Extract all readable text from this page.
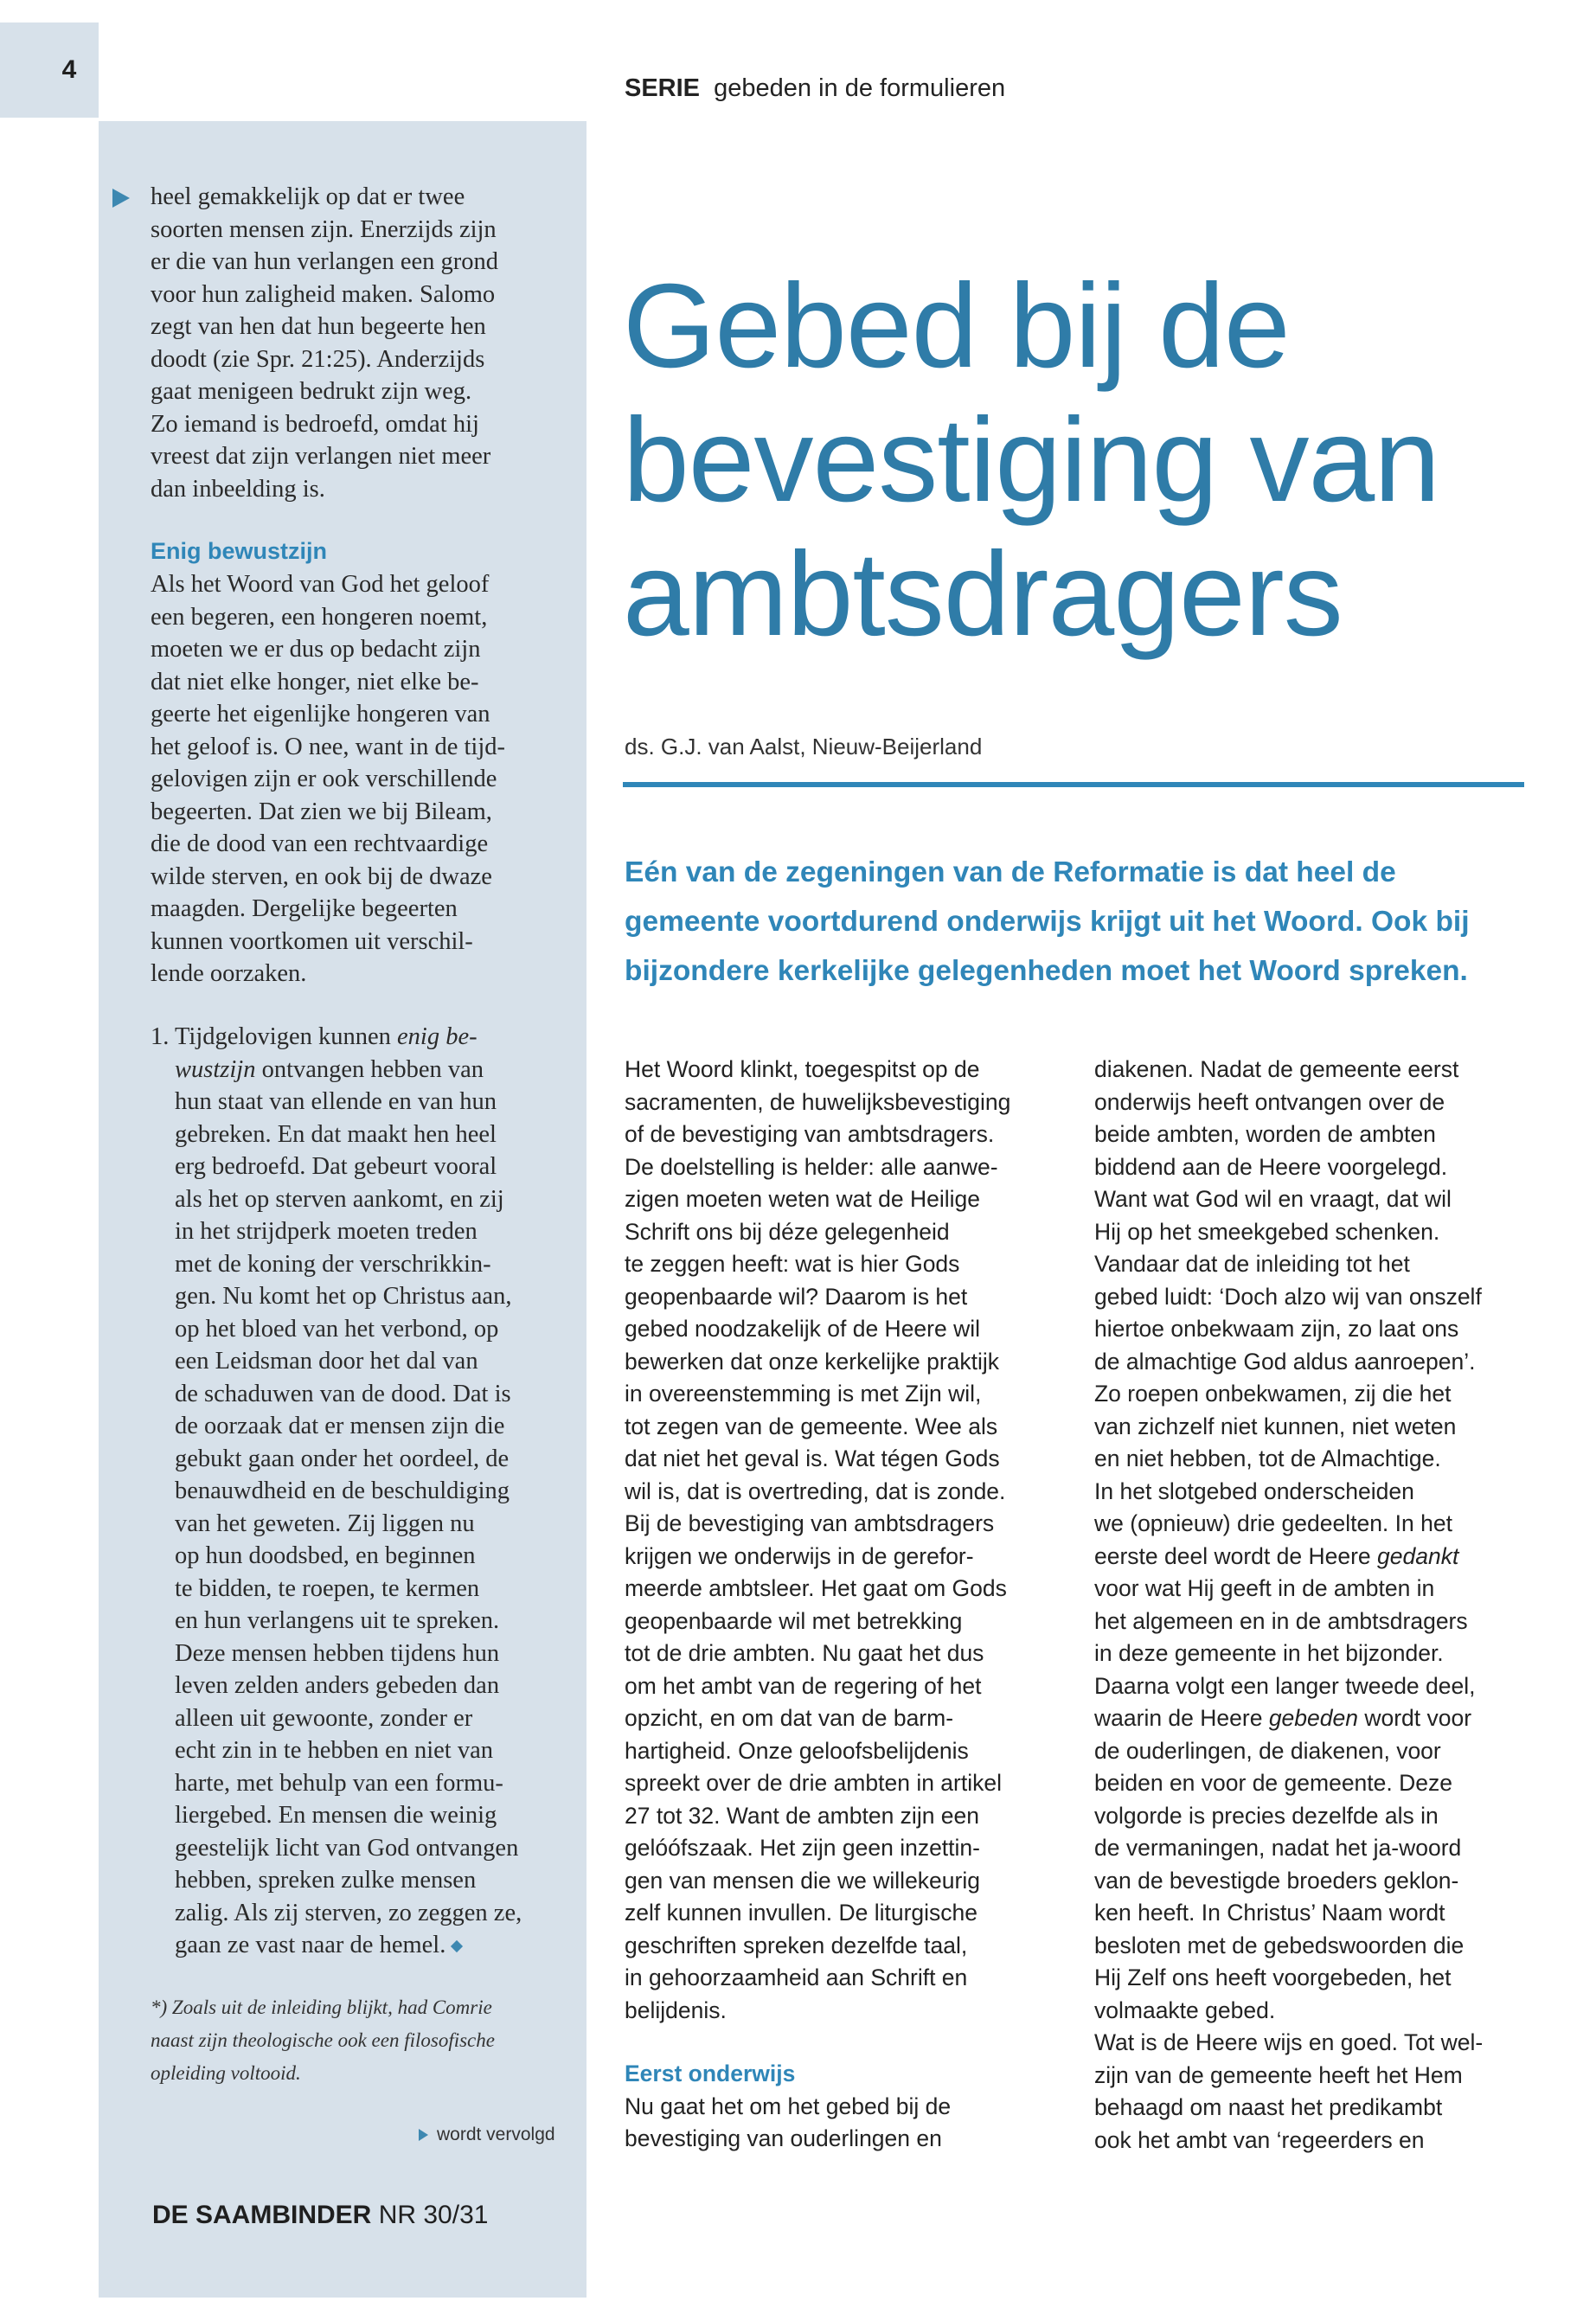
4
SERIE gebeden in de formulieren
heel gemakkelijk op dat er twee
soorten mensen zijn. Enerzijds zijn
er die van hun verlangen een grond
voor hun zaligheid maken. Salomo
zegt van hen dat hun begeerte hen
doodt (zie Spr. 21:25). Anderzijds
gaat menigeen bedrukt zijn weg.
Zo iemand is bedroefd, omdat hij
vreest dat zijn verlangen niet meer
dan inbeelding is.
Enig bewustzijn
Als het Woord van God het geloof
een begeren, een hongeren noemt,
moeten we er dus op bedacht zijn
dat niet elke honger, niet elke be-
geerte het eigenlijke hongeren van
het geloof is. O nee, want in de tijd-
gelovigen zijn er ook verschillende
begeerten. Dat zien we bij Bileam,
die de dood van een rechtvaardige
wilde sterven, en ook bij de dwaze
maagden. Dergelijke begeerten
kunnen voortkomen uit verschil-
lende oorzaken.
1. Tijdgelovigen kunnen enig be-
wustzijn ontvangen hebben van
hun staat van ellende en van hun
gebreken. En dat maakt hen heel
erg bedroefd. Dat gebeurt vooral
als het op sterven aankomt, en zij
in het strijdperk moeten treden
met de koning der verschrikkin-
gen. Nu komt het op Christus aan,
op het bloed van het verbond, op
een Leidsman door het dal van
de schaduwen van de dood. Dat is
de oorzaak dat er mensen zijn die
gebukt gaan onder het oordeel, de
benauwdheid en de beschuldiging
van het geweten. Zij liggen nu
op hun doodsbed, en beginnen
te bidden, te roepen, te kermen
en hun verlangens uit te spreken.
Deze mensen hebben tijdens hun
leven zelden anders gebeden dan
alleen uit gewoonte, zonder er
echt zin in te hebben en niet van
harte, met behulp van een formu-
liergebed. En mensen die weinig
geestelijk licht van God ontvangen
hebben, spreken zulke mensen
zalig. Als zij sterven, zo zeggen ze,
gaan ze vast naar de hemel.
*) Zoals uit de inleiding blijkt, had Comrie
naast zijn theologische ook een filosofische
opleiding voltooid.
wordt vervolgd
DE SAAMBINDER NR 30/31
Gebed bij de
bevestiging van
ambtsdragers
ds. G.J. van Aalst, Nieuw-Beijerland
Eén van de zegeningen van de Reformatie is dat heel de
gemeente voortdurend onderwijs krijgt uit het Woord. Ook bij
bijzondere kerkelijke gelegenheden moet het Woord spreken.
Het Woord klinkt, toegespitst op de
sacramenten, de huwelijksbevestiging
of de bevestiging van ambtsdragers.
De doelstelling is helder: alle aanwe-
zigen moeten weten wat de Heilige
Schrift ons bij déze gelegenheid
te zeggen heeft: wat is hier Gods
geopenbaarde wil? Daarom is het
gebed noodzakelijk of de Heere wil
bewerken dat onze kerkelijke praktijk
in overeenstemming is met Zijn wil,
tot zegen van de gemeente. Wee als
dat niet het geval is. Wat tégen Gods
wil is, dat is overtreding, dat is zonde.
Bij de bevestiging van ambtsdragers
krijgen we onderwijs in de gerefor-
meerde ambtsleer. Het gaat om Gods
geopenbaarde wil met betrekking
tot de drie ambten. Nu gaat het dus
om het ambt van de regering of het
opzicht, en om dat van de barm-
hartigheid. Onze geloofsbelijdenis
spreekt over de drie ambten in artikel
27 tot 32. Want de ambten zijn een
gelóófszaak. Het zijn geen inzettin-
gen van mensen die we willekeurig
zelf kunnen invullen. De liturgische
geschriften spreken dezelfde taal,
in gehoorzaamheid aan Schrift en
belijdenis.
Eerst onderwijs
Nu gaat het om het gebed bij de
bevestiging van ouderlingen en
diakenen. Nadat de gemeente eerst
onderwijs heeft ontvangen over de
beide ambten, worden de ambten
biddend aan de Heere voorgelegd.
Want wat God wil en vraagt, dat wil
Hij op het smeekgebed schenken.
Vandaar dat de inleiding tot het
gebed luidt: ‘Doch alzo wij van onszelf
hiertoe onbekwaam zijn, zo laat ons
de almachtige God aldus aanroepen’.
Zo roepen onbekwamen, zij die het
van zichzelf niet kunnen, niet weten
en niet hebben, tot de Almachtige.
In het slotgebed onderscheiden
we (opnieuw) drie gedeelten. In het
eerste deel wordt de Heere gedankt
voor wat Hij geeft in de ambten in
het algemeen en in de ambtsdragers
in deze gemeente in het bijzonder.
Daarna volgt een langer tweede deel,
waarin de Heere gebeden wordt voor
de ouderlingen, de diakenen, voor
beiden en voor de gemeente. Deze
volgorde is precies dezelfde als in
de vermaningen, nadat het ja-woord
van de bevestigde broeders geklon-
ken heeft. In Christus’ Naam wordt
besloten met de gebedswoorden die
Hij Zelf ons heeft voorgebeden, het
volmaakte gebed.
Wat is de Heere wijs en goed. Tot wel-
zijn van de gemeente heeft het Hem
behaagd om naast het predikambt
ook het ambt van ‘regeerders en
